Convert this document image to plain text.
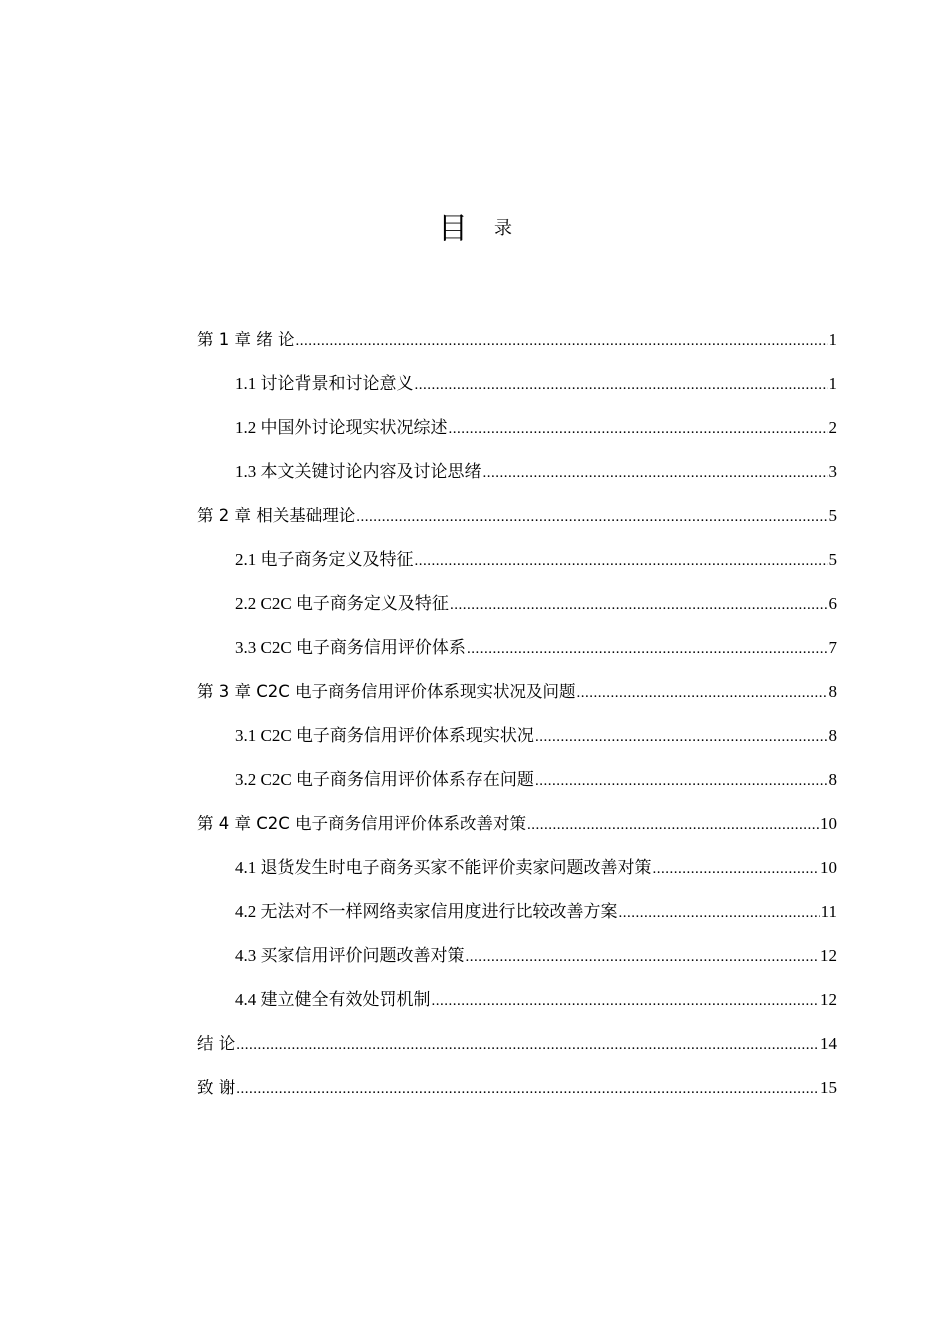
目 录
第 1 章 绪 论 .....	1
1.1 讨论背景和讨论意义 .....	1
1.2 中国外讨论现实状况综述 .....	2
1.3 本文关键讨论内容及讨论思绪 .....	3
第 2 章 相关基础理论 .....	5
2.1 电子商务定义及特征 .....	5
2.2 C2C 电子商务定义及特征 .....	6
3.3 C2C 电子商务信用评价体系 .....	7
第 3 章 C2C 电子商务信用评价体系现实状况及问题 .....	8
3.1 C2C 电子商务信用评价体系现实状况 .....	8
3.2 C2C 电子商务信用评价体系存在问题 .....	8
第 4 章 C2C 电子商务信用评价体系改善对策 .....	10
4.1 退货发生时电子商务买家不能评价卖家问题改善对策 .....	10
4.2 无法对不一样网络卖家信用度进行比较改善方案 .....	11
4.3 买家信用评价问题改善对策 .....	12
4.4 建立健全有效处罚机制 .....	12
结 论 .....	14
致 谢 .....	15
